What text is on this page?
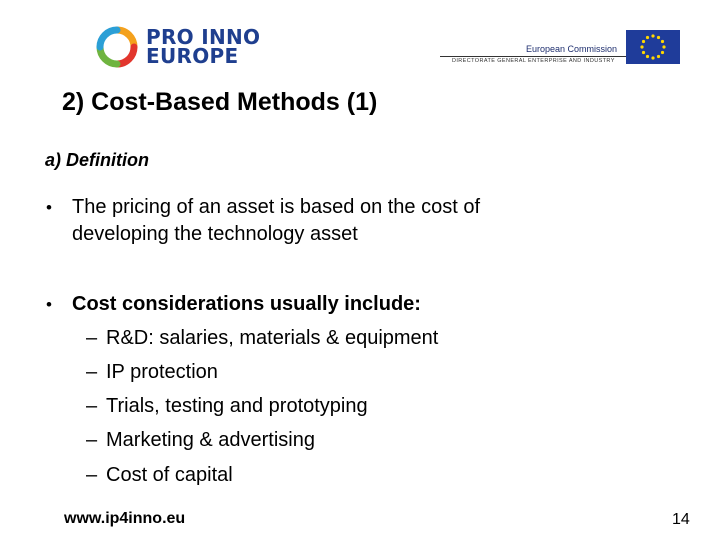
PRO INNO
EUROPE	European Commission
DIRECTORATE GENERAL ENTERPRISE AND INDUSTRY
2) Cost-Based Methods (1)
a) Definition
• The pricing of an asset is based on the cost of
developing the technology asset
• Cost considerations usually include:
– R&D: salaries, materials & equipment
– IP protection
– Trials, testing and prototyping
– Marketing & advertising
– Cost of capital
www.ip4inno.eu	14
